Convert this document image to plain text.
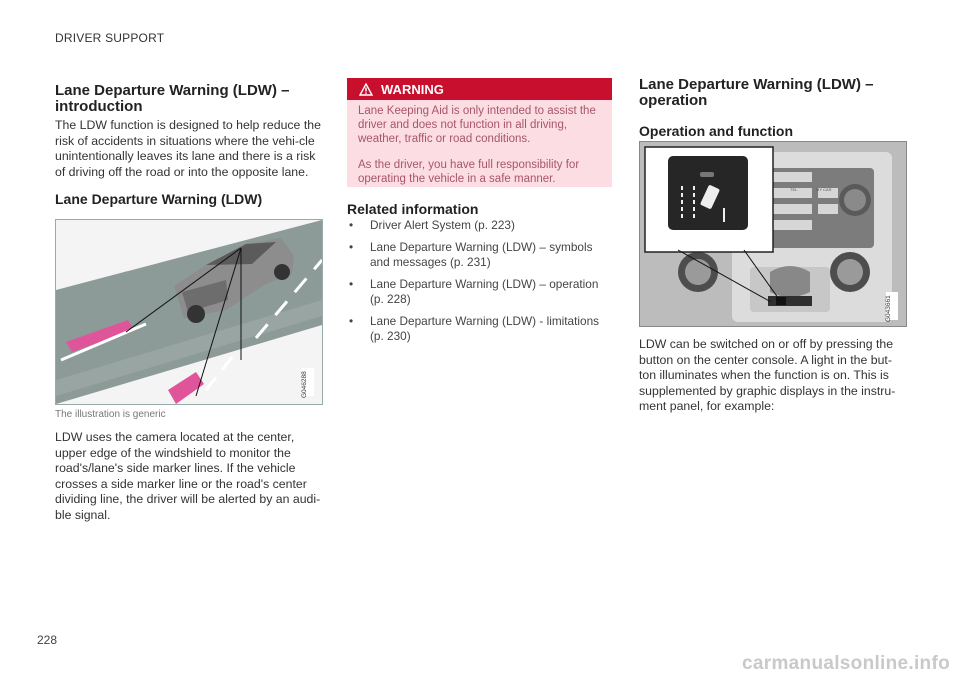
DRIVER SUPPORT
Lane Departure Warning (LDW) – introduction

The LDW function is designed to help reduce the risk of accidents in situations where the vehi-cle unintentionally leaves its lane and there is a risk of driving off the road or into the opposite lane.

Lane Departure Warning (LDW)
G046288
The illustration is generic

LDW uses the camera located at the center, upper edge of the windshield to monitor the road's/lane's side marker lines. If the vehicle crosses a side marker line or the road's center dividing line, the driver will be alerted by an audi-ble signal.

WARNING

Lane Keeping Aid is only intended to assist the driver and does not function in all driving, weather, traffic or road conditions.

As the driver, you have full responsibility for operating the vehicle in a safe manner.

Related information
• Driver Alert System (p. 223)
• Lane Departure Warning (LDW) – symbols and messages (p. 231)
• Lane Departure Warning (LDW) – operation (p. 228)
• Lane Departure Warning (LDW) - limitations (p. 230)
Lane Departure Warning (LDW) – operation
Operation and function
TEL	MY CAR
G043661

LDW can be switched on or off by pressing the button on the center console. A light in the but-ton illuminates when the function is on. This is supplemented by graphic displays in the instru-ment panel, for example:

228
carmanualsonline.info
